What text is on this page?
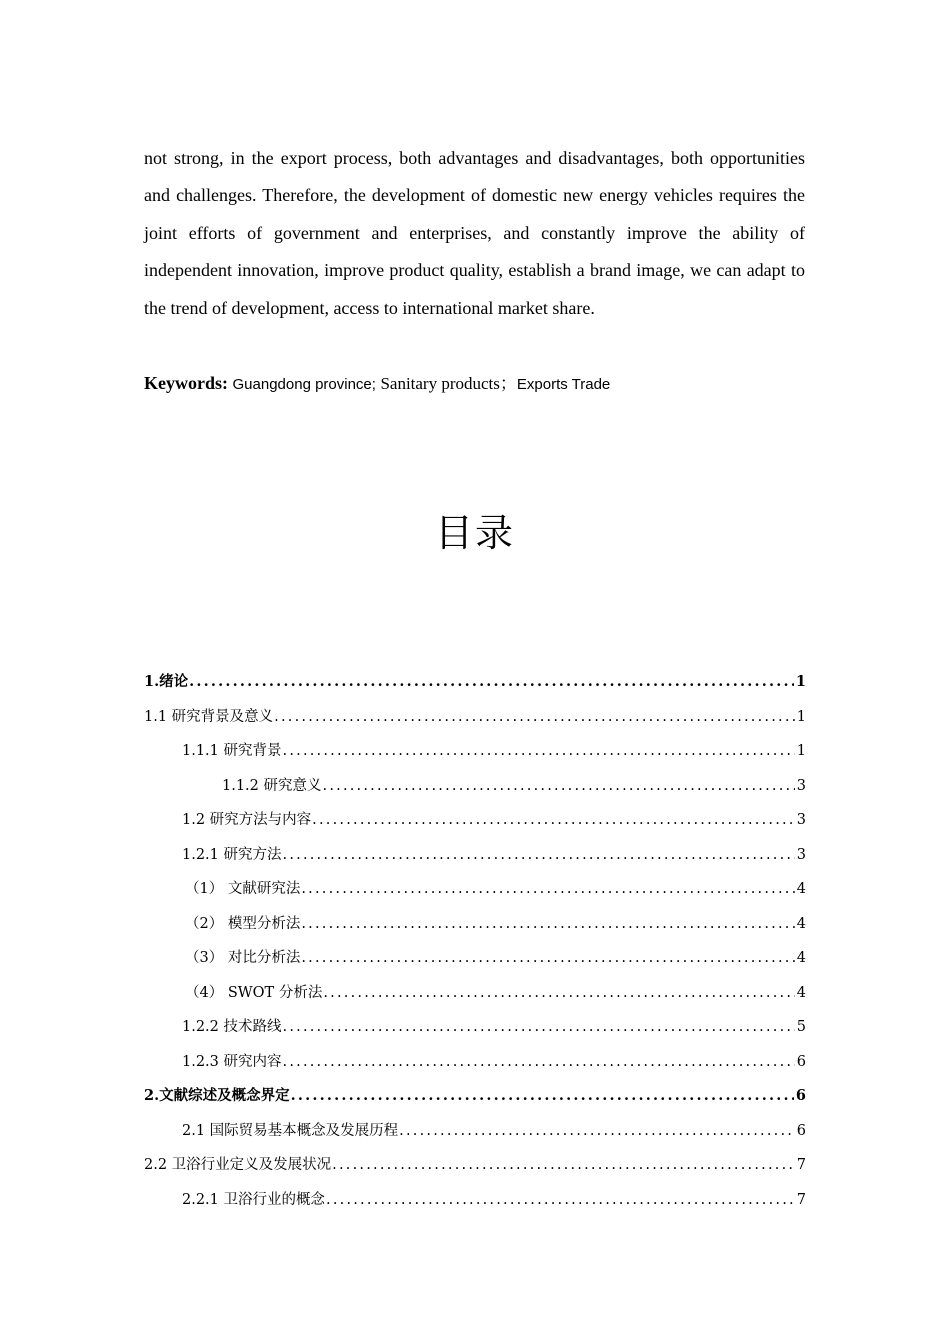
not strong, in the export process, both advantages and disadvantages, both opportunities and challenges. Therefore, the development of domestic new energy vehicles requires the joint efforts of government and enterprises, and constantly improve the ability of independent innovation, improve product quality, establish a brand image, we can adapt to the trend of development, access to international market share.
Keywords: Guangdong province; Sanitary products；Exports Trade
目录
1.绪论 .....	1
1.1 研究背景及意义 .....	1
1.1.1 研究背景 .....	1
1.1.2 研究意义 .....	3
1.2 研究方法与内容 .....	3
1.2.1 研究方法 .....	3
（1） 文献研究法 .....	4
（2） 模型分析法 .....	4
（3） 对比分析法 .....	4
（4） SWOT 分析法 .....	4
1.2.2 技术路线 .....	5
1.2.3 研究内容 .....	6
2.文献综述及概念界定 .....	6
2.1 国际贸易基本概念及发展历程 .....	6
2.2 卫浴行业定义及发展状况 .....	7
2.2.1 卫浴行业的概念 .....	7
